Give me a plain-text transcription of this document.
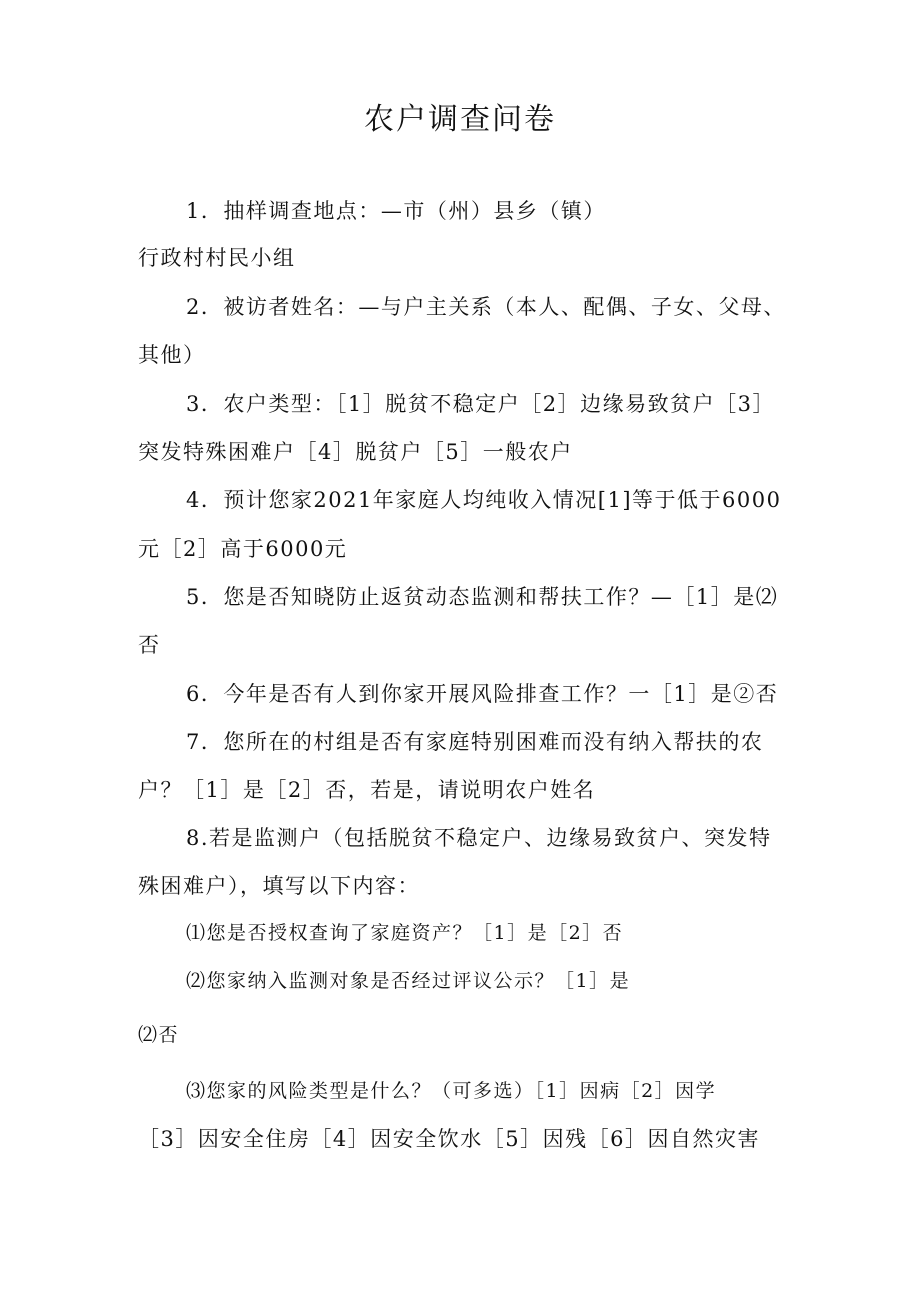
农户调查问卷
1．抽样调查地点：—市（州）县乡（镇）
行政村村民小组
2．被访者姓名：—与户主关系（本人、配偶、子女、父母、
其他）
3．农户类型：［1］脱贫不稳定户［2］边缘易致贫户［3］
突发特殊困难户［4］脱贫户［5］一般农户
4．预计您家2021年家庭人均纯收入情况[1]等于低于6000
元［2］高于6000元
5．您是否知晓防止返贫动态监测和帮扶工作？—［1］是⑵
否
6．今年是否有人到你家开展风险排查工作？一［1］是②否
7．您所在的村组是否有家庭特别困难而没有纳入帮扶的农
户？［1］是［2］否，若是，请说明农户姓名
8.若是监测户（包括脱贫不稳定户、边缘易致贫户、突发特
殊困难户），填写以下内容：
⑴您是否授权查询了家庭资产？［1］是［2］否
⑵您家纳入监测对象是否经过评议公示？［1］是
⑵否
⑶您家的风险类型是什么？（可多选）［1］因病［2］因学
［3］因安全住房［4］因安全饮水［5］因残［6］因自然灾害
